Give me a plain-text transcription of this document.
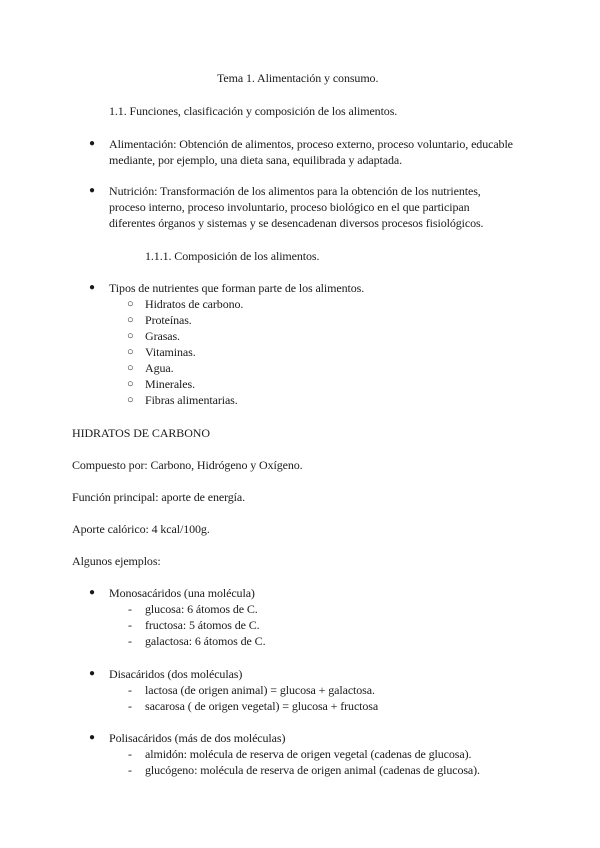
Tema 1. Alimentación y consumo.
1.1. Funciones, clasificación y composición de los alimentos.
● Alimentación: Obtención de alimentos, proceso externo, proceso voluntario, educable
mediante, por ejemplo, una dieta sana, equilibrada y adaptada.
● Nutrición: Transformación de los alimentos para la obtención de los nutrientes,
proceso interno, proceso involuntario, proceso biológico en el que participan
diferentes órganos y sistemas y se desencadenan diversos procesos fisiológicos.
1.1.1. Composición de los alimentos.
● Tipos de nutrientes que forman parte de los alimentos.
○ Hidratos de carbono.
○ Proteínas.
○ Grasas.
○ Vitaminas.
○ Agua.
○ Minerales.
○ Fibras alimentarias.
HIDRATOS DE CARBONO
Compuesto por: Carbono, Hidrógeno y Oxígeno.
Función principal: aporte de energía.
Aporte calórico: 4 kcal/100g.
Algunos ejemplos:
● Monosacáridos (una molécula)
- glucosa: 6 átomos de C.
- fructosa: 5 átomos de C.
- galactosa: 6 átomos de C.
● Disacáridos (dos moléculas)
- lactosa (de origen animal) = glucosa + galactosa.
- sacarosa ( de origen vegetal) = glucosa + fructosa
● Polisacáridos (más de dos moléculas)
- almidón: molécula de reserva de origen vegetal (cadenas de glucosa).
- glucógeno: molécula de reserva de origen animal (cadenas de glucosa).
